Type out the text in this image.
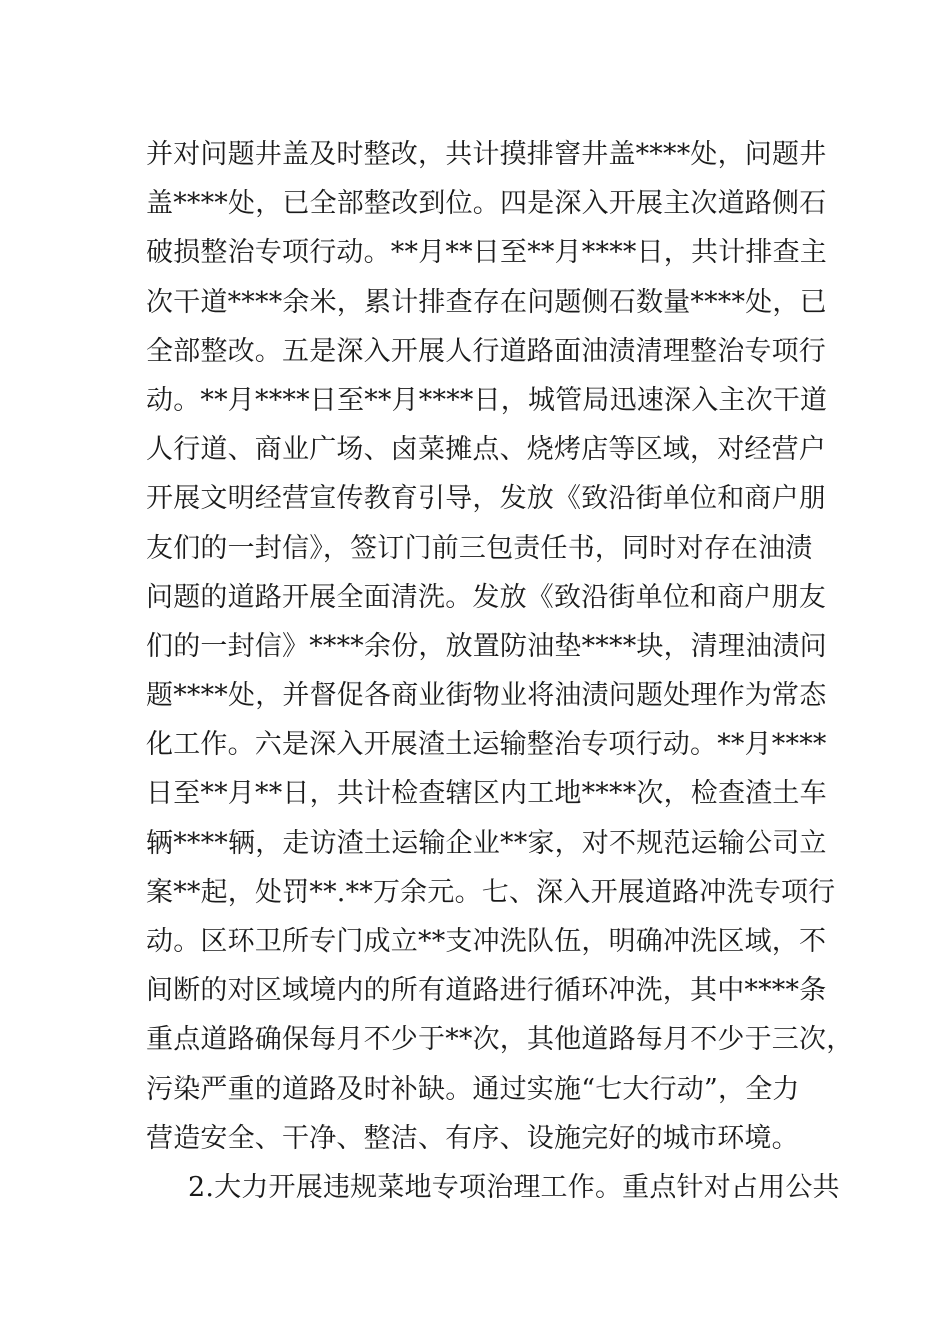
并对问题井盖及时整改，共计摸排窨井盖****处，问题井
盖****处，已全部整改到位。四是深入开展主次道路侧石
破损整治专项行动。**月**日至**月****日，共计排查主
次干道****余米，累计排查存在问题侧石数量****处，已
全部整改。五是深入开展人行道路面油渍清理整治专项行
动。**月****日至**月****日，城管局迅速深入主次干道
人行道、商业广场、卤菜摊点、烧烤店等区域，对经营户
开展文明经营宣传教育引导，发放《致沿街单位和商户朋
友们的一封信》，签订门前三包责任书，同时对存在油渍
问题的道路开展全面清洗。发放《致沿街单位和商户朋友
们的一封信》****余份，放置防油垫****块，清理油渍问
题****处，并督促各商业街物业将油渍问题处理作为常态
化工作。六是深入开展渣土运输整治专项行动。**月****
日至**月**日，共计检查辖区内工地****次，检查渣土车
辆****辆，走访渣土运输企业**家，对不规范运输公司立
案**起，处罚**.**万余元。七、深入开展道路冲洗专项行
动。区环卫所专门成立**支冲洗队伍，明确冲洗区域，不
间断的对区域境内的所有道路进行循环冲洗，其中****条
重点道路确保每月不少于**次，其他道路每月不少于三次，
污染严重的道路及时补缺。通过实施“七大行动”，全力
营造安全、干净、整洁、有序、设施完好的城市环境。
2.大力开展违规菜地专项治理工作。重点针对占用公共
